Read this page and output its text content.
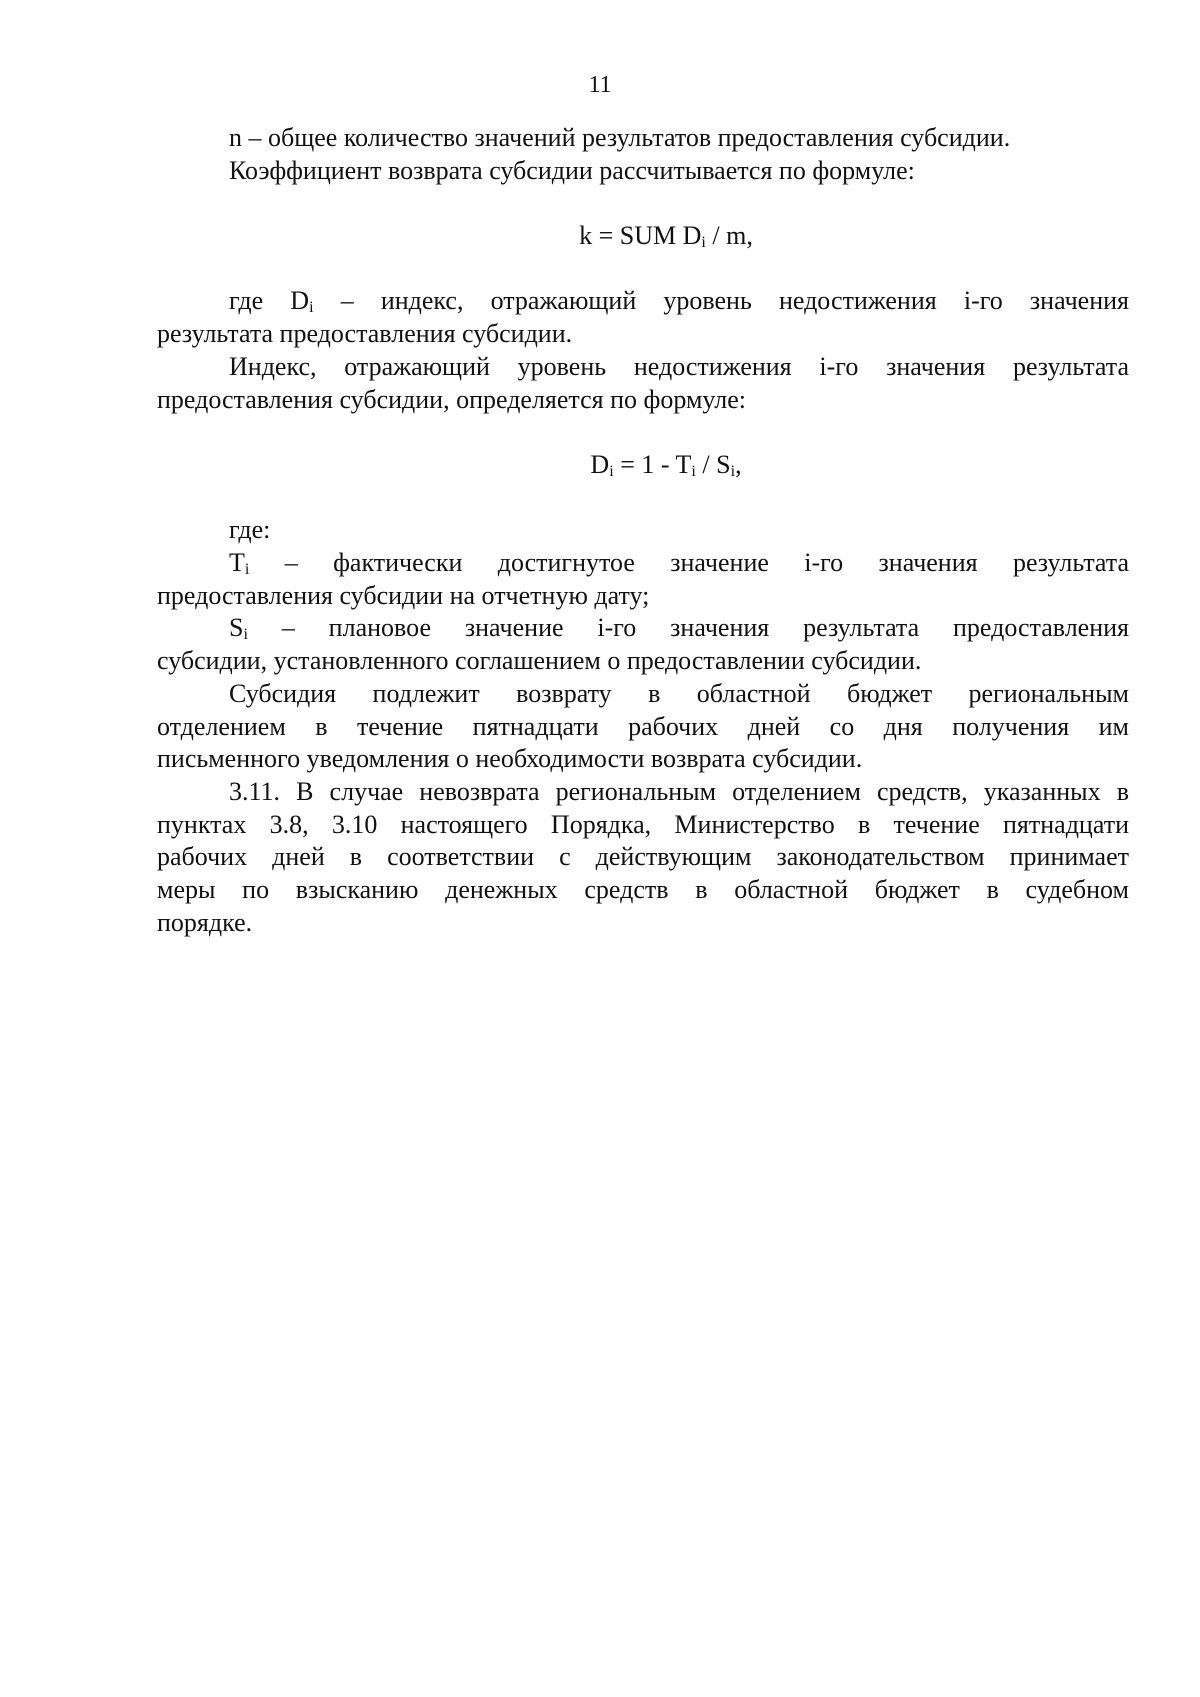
11

n – общее количество значений результатов предоставления субсидии.

Коэффициент возврата субсидии рассчитывается по формуле:

k = SUM $D_i$ / m,

где $D_i$ – индекс, отражающий уровень недостижения i-го значения

результата предоставления субсидии.

Индекс, отражающий уровень недостижения i-го значения результата

предоставления субсидии, определяется по формуле:

$D_i = 1 - T_i / S_i$,

где:

$T_i$ – фактически достигнутое значение i-го значения результата

предоставления субсидии на отчетную дату;

$S_i$ – плановое значение i-го значения результата предоставления

субсидии, установленного соглашением о предоставлении субсидии.

Субсидия подлежит возврату в областной бюджет региональным

отделением в течение пятнадцати рабочих дней со дня получения им

письменного уведомления о необходимости возврата субсидии.

3.11. В случае невозврата региональным отделением средств, указанных в

пунктах 3.8, 3.10 настоящего Порядка, Министерство в течение пятнадцати

рабочих дней в соответствии с действующим законодательством принимает

меры по взысканию денежных средств в областной бюджет в судебном

порядке.
